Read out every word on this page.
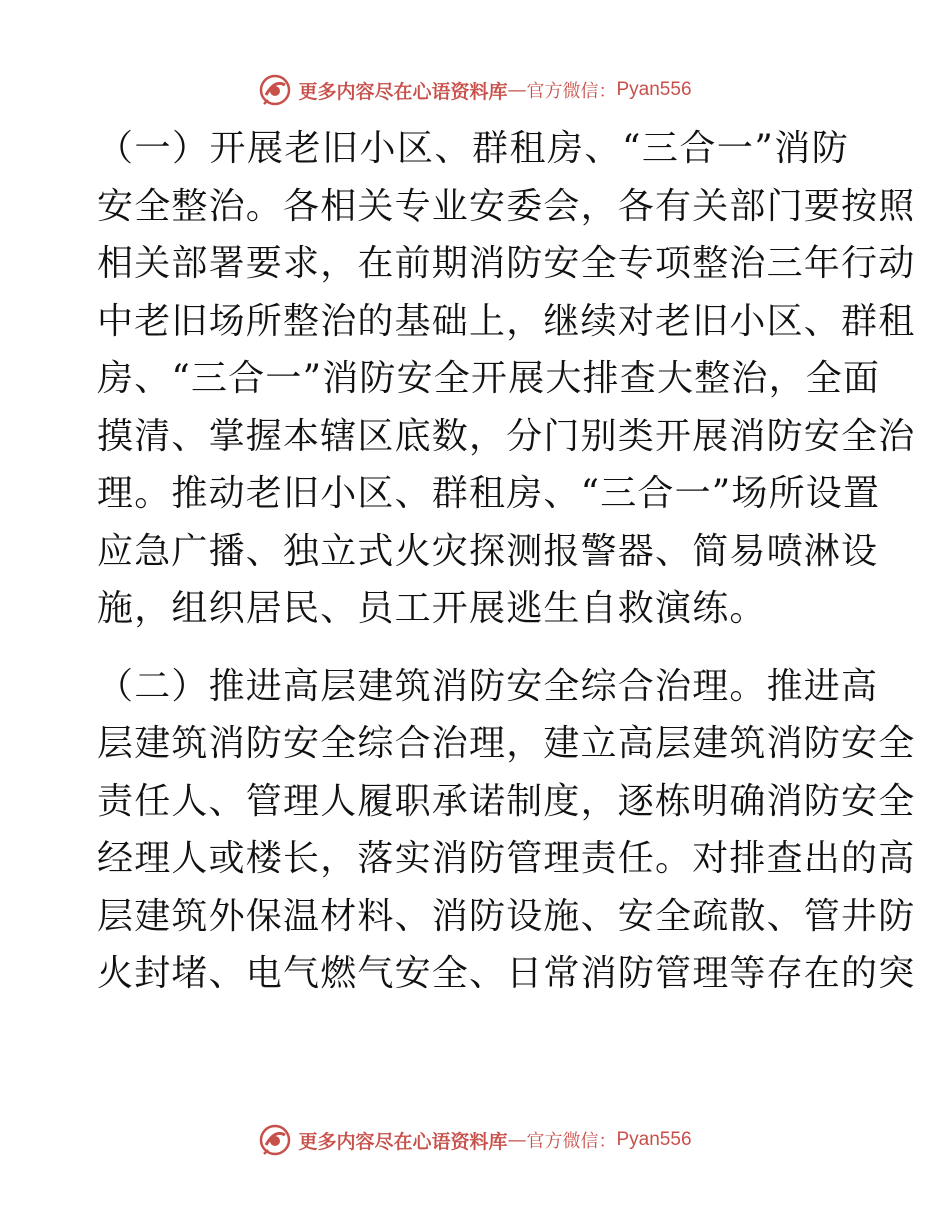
更多内容尽在心语资料库 — 官方微信： Pyan556

（一）开展老旧小区、群租房、“三合一”消防
安全整治。各相关专业安委会，各有关部门要按照
相关部署要求，在前期消防安全专项整治三年行动
中老旧场所整治的基础上，继续对老旧小区、群租
房、“三合一”消防安全开展大排查大整治，全面
摸清、掌握本辖区底数，分门别类开展消防安全治
理。推动老旧小区、群租房、“三合一”场所设置
应急广播、独立式火灾探测报警器、简易喷淋设
施，组织居民、员工开展逃生自救演练。

（二）推进高层建筑消防安全综合治理。推进高
层建筑消防安全综合治理，建立高层建筑消防安全
责任人、管理人履职承诺制度，逐栋明确消防安全
经理人或楼长，落实消防管理责任。对排查出的高
层建筑外保温材料、消防设施、安全疏散、管井防
火封堵、电气燃气安全、日常消防管理等存在的突

更多内容尽在心语资料库 — 官方微信： Pyan556
